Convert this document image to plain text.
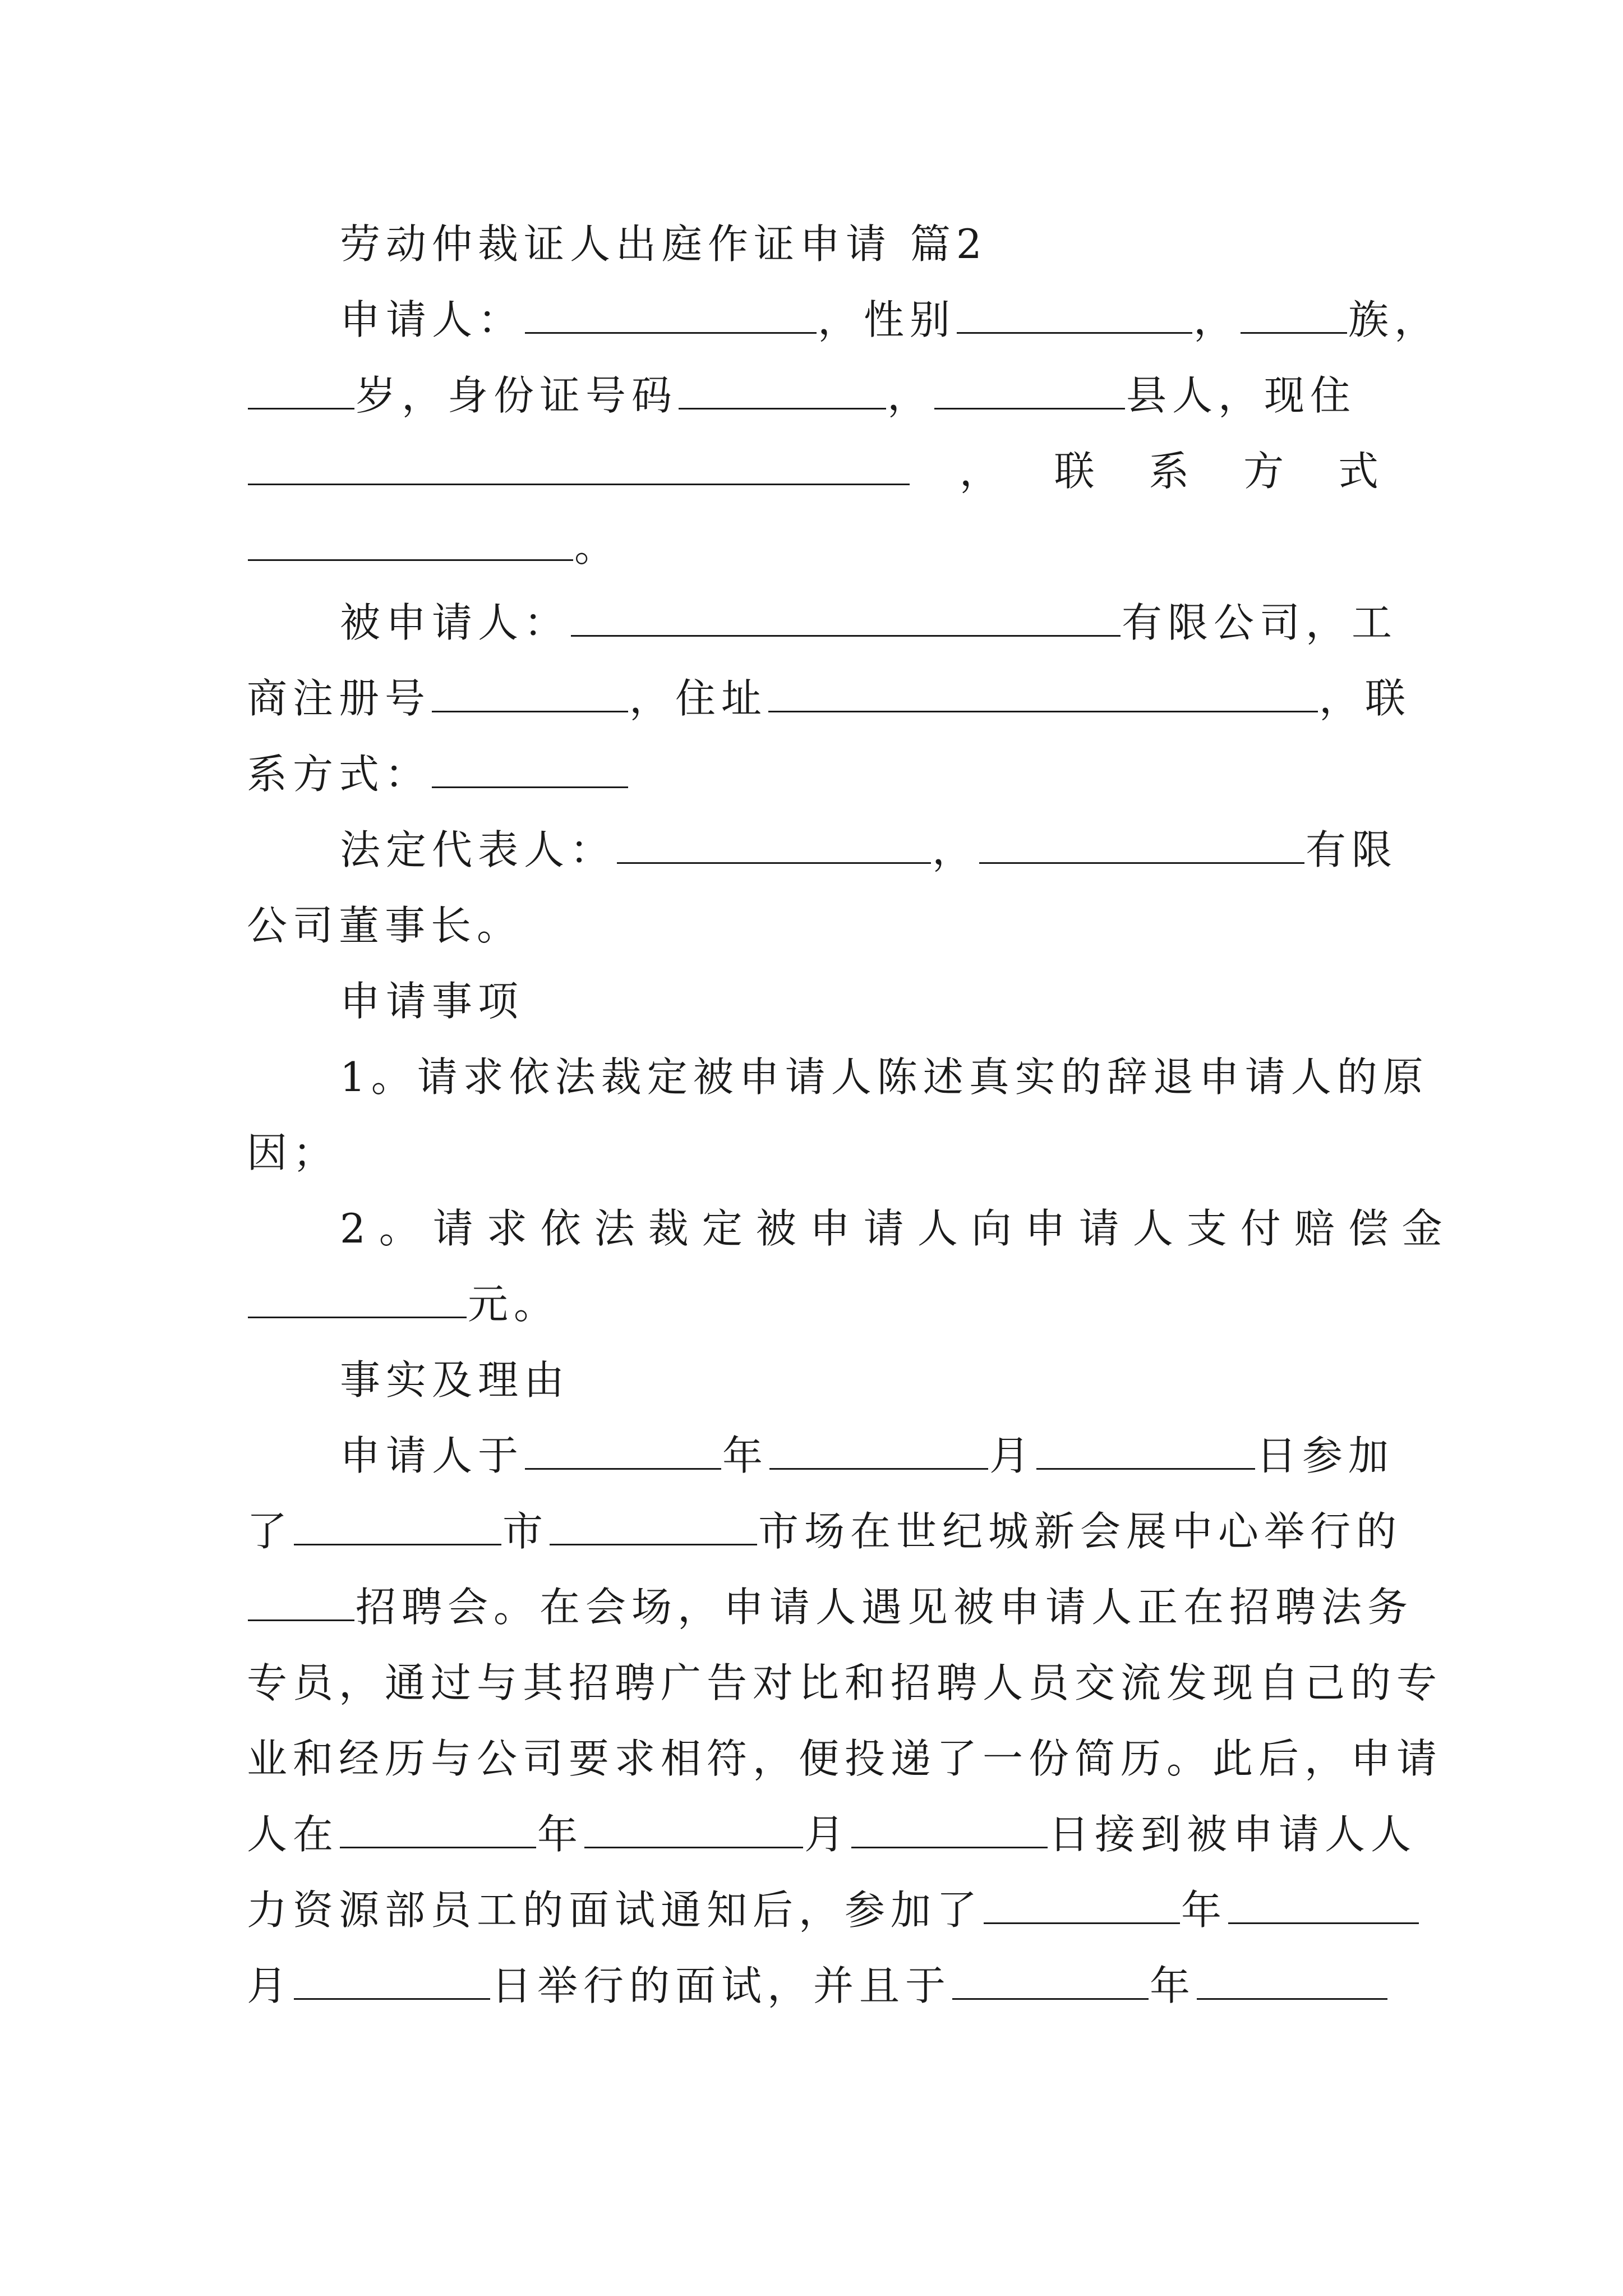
劳动仲裁证人出庭作证申请 篇2
申请人：	，性别	，	族，
岁，身份证号码	，	县人，现住
， 联 系 方 式
。
被申请人：	有限公司，工
商注册号	，住址	，联
系方式：
法定代表人：	，	有限
公司董事长。
申请事项
1。请求依法裁定被申请人陈述真实的辞退申请人的原
因；
2。请求依法裁定被申请人向申请人支付赔偿金
元。
事实及理由
申请人于	年	月	日参加
了	市	市场在世纪城新会展中心举行的
招聘会。在会场，申请人遇见被申请人正在招聘法务
专员，通过与其招聘广告对比和招聘人员交流发现自己的专
业和经历与公司要求相符，便投递了一份简历。此后，申请
人在	年	月	日接到被申请人人
力资源部员工的面试通知后，参加了	年
月	日举行的面试，并且于	年
